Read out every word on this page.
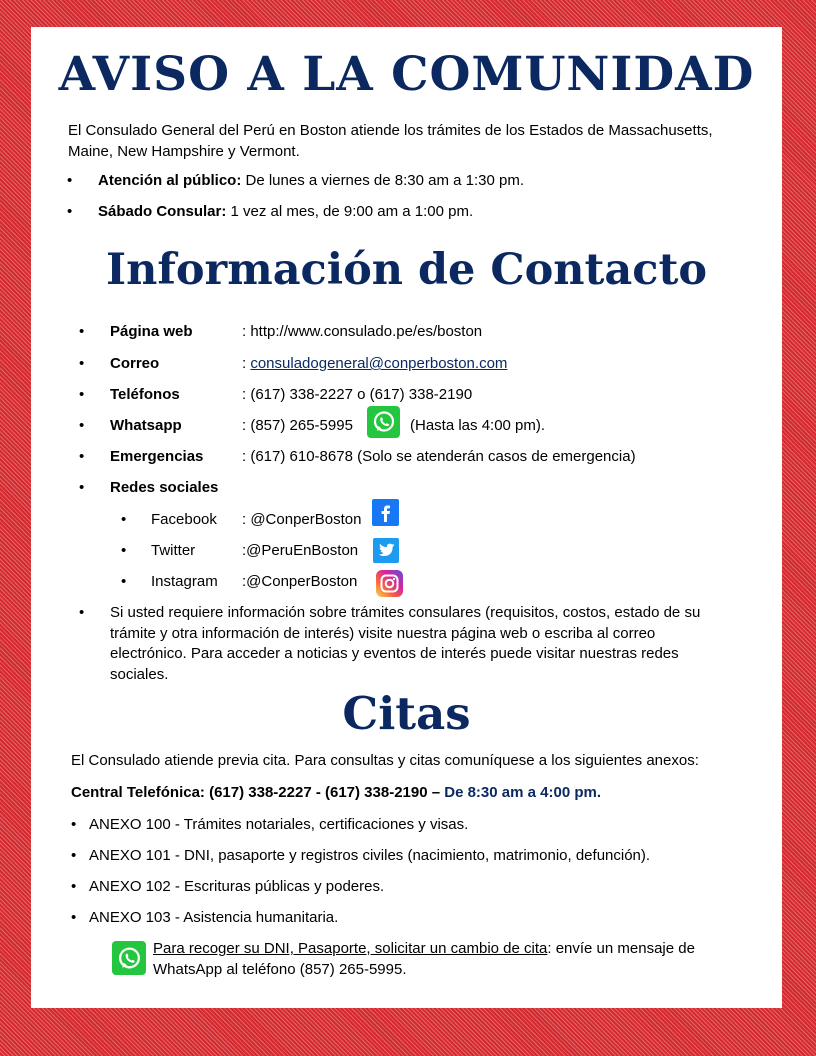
AVISO A LA COMUNIDAD
El Consulado General del Perú en Boston atiende los trámites de los Estados de Massachusetts,
Maine, New Hampshire y Vermont.
• Atención al público: De lunes a viernes de 8:30 am a 1:30 pm.
• Sábado Consular: 1 vez al mes, de 9:00 am a 1:00 pm.
Información de Contacto
• Página web	: http://www.consulado.pe/es/boston
• Correo	: consuladogeneral@conperboston.com
• Teléfonos	: (617) 338-2227 o (617) 338-2190
• Whatsapp	: (857) 265-5995	(Hasta las 4:00 pm).
• Emergencias	: (617) 610-8678 (Solo se atenderán casos de emergencia)
• Redes sociales
• Facebook : @ConperBoston
• Twitter	:@PeruEnBoston
• Instagram :@ConperBoston
• Si usted requiere información sobre trámites consulares (requisitos, costos, estado de su
trámite y otra información de interés) visite nuestra página web o escriba al correo
electrónico. Para acceder a noticias y eventos de interés puede visitar nuestras redes
sociales.
Citas
El Consulado atiende previa cita. Para consultas y citas comuníquese a los siguientes anexos:
Central Telefónica: (617) 338-2227 - (617) 338-2190 – De 8:30 am a 4:00 pm.
• ANEXO 100 - Trámites notariales, certificaciones y visas.
• ANEXO 101 - DNI, pasaporte y registros civiles (nacimiento, matrimonio, defunción).
• ANEXO 102 - Escrituras públicas y poderes.
• ANEXO 103 - Asistencia humanitaria.
Para recoger su DNI, Pasaporte, solicitar un cambio de cita: envíe un mensaje de
WhatsApp al teléfono (857) 265-5995.
